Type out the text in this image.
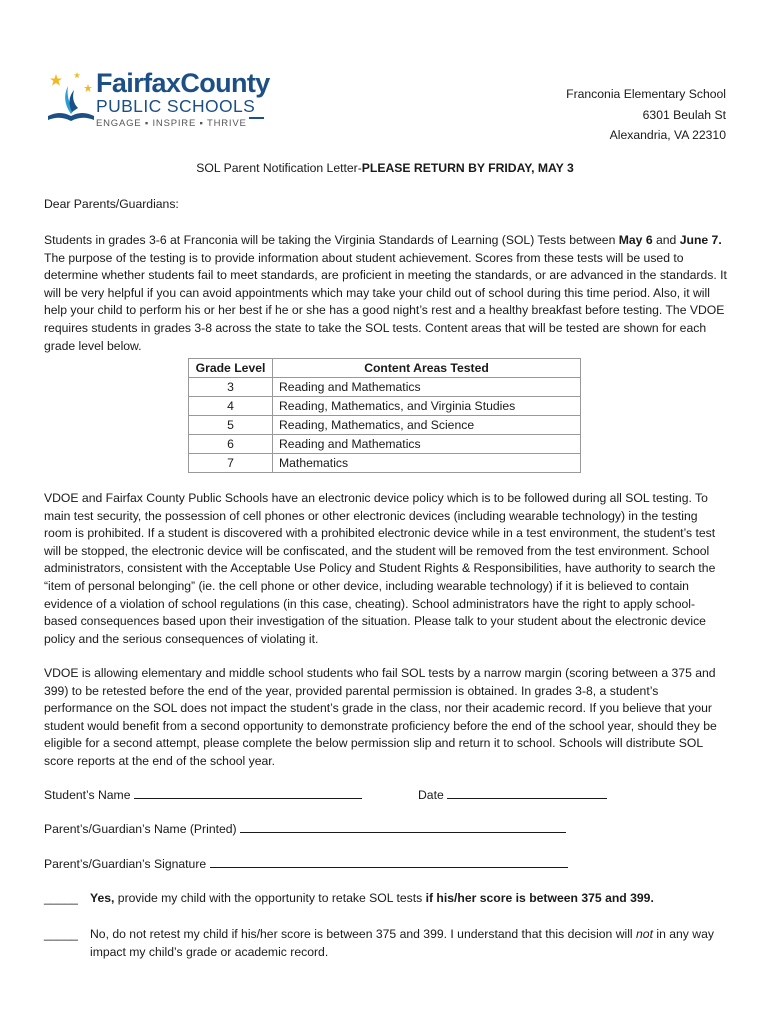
FairfaxCounty
PUBLIC SCHOOLS
ENGAGE ▪ INSPIRE ▪ THRIVE
Franconia Elementary School
6301 Beulah St
Alexandria, VA 22310
SOL Parent Notification Letter-PLEASE RETURN BY FRIDAY, MAY 3
Dear Parents/Guardians:
Students in grades 3-6 at Franconia will be taking the Virginia Standards of Learning (SOL) Tests between May 6 and June 7. The purpose of the testing is to provide information about student achievement. Scores from these tests will be used to determine whether students fail to meet standards, are proficient in meeting the standards, or are advanced in the standards. It will be very helpful if you can avoid appointments which may take your child out of school during this time period. Also, it will help your child to perform his or her best if he or she has a good night’s rest and a healthy breakfast before testing. The VDOE requires students in grades 3-8 across the state to take the SOL tests. Content areas that will be tested are shown for each grade level below.
Grade Level	Content Areas Tested
3	Reading and Mathematics
4	Reading, Mathematics, and Virginia Studies
5	Reading, Mathematics, and Science
6	Reading and Mathematics
7	Mathematics
VDOE and Fairfax County Public Schools have an electronic device policy which is to be followed during all SOL testing. To main test security, the possession of cell phones or other electronic devices (including wearable technology) in the testing room is prohibited. If a student is discovered with a prohibited electronic device while in a test environment, the student’s test will be stopped, the electronic device will be confiscated, and the student will be removed from the test environment. School administrators, consistent with the Acceptable Use Policy and Student Rights & Responsibilities, have authority to search the “item of personal belonging” (ie. the cell phone or other device, including wearable technology) if it is believed to contain evidence of a violation of school regulations (in this case, cheating). School administrators have the right to apply school-based consequences based upon their investigation of the situation. Please talk to your student about the electronic device policy and the serious consequences of violating it.
VDOE is allowing elementary and middle school students who fail SOL tests by a narrow margin (scoring between a 375 and 399) to be retested before the end of the year, provided parental permission is obtained. In grades 3-8, a student’s performance on the SOL does not impact the student’s grade in the class, nor their academic record. If you believe that your student would benefit from a second opportunity to demonstrate proficiency before the end of the school year, should they be eligible for a second attempt, please complete the below permission slip and return it to school. Schools will distribute SOL score reports at the end of the school year.
Student’s Name	Date
Parent’s/Guardian’s Name (Printed)
Parent’s/Guardian’s Signature
_____ Yes, provide my child with the opportunity to retake SOL tests if his/her score is between 375 and 399.
_____ No, do not retest my child if his/her score is between 375 and 399. I understand that this decision will not in any way impact my child’s grade or academic record.
